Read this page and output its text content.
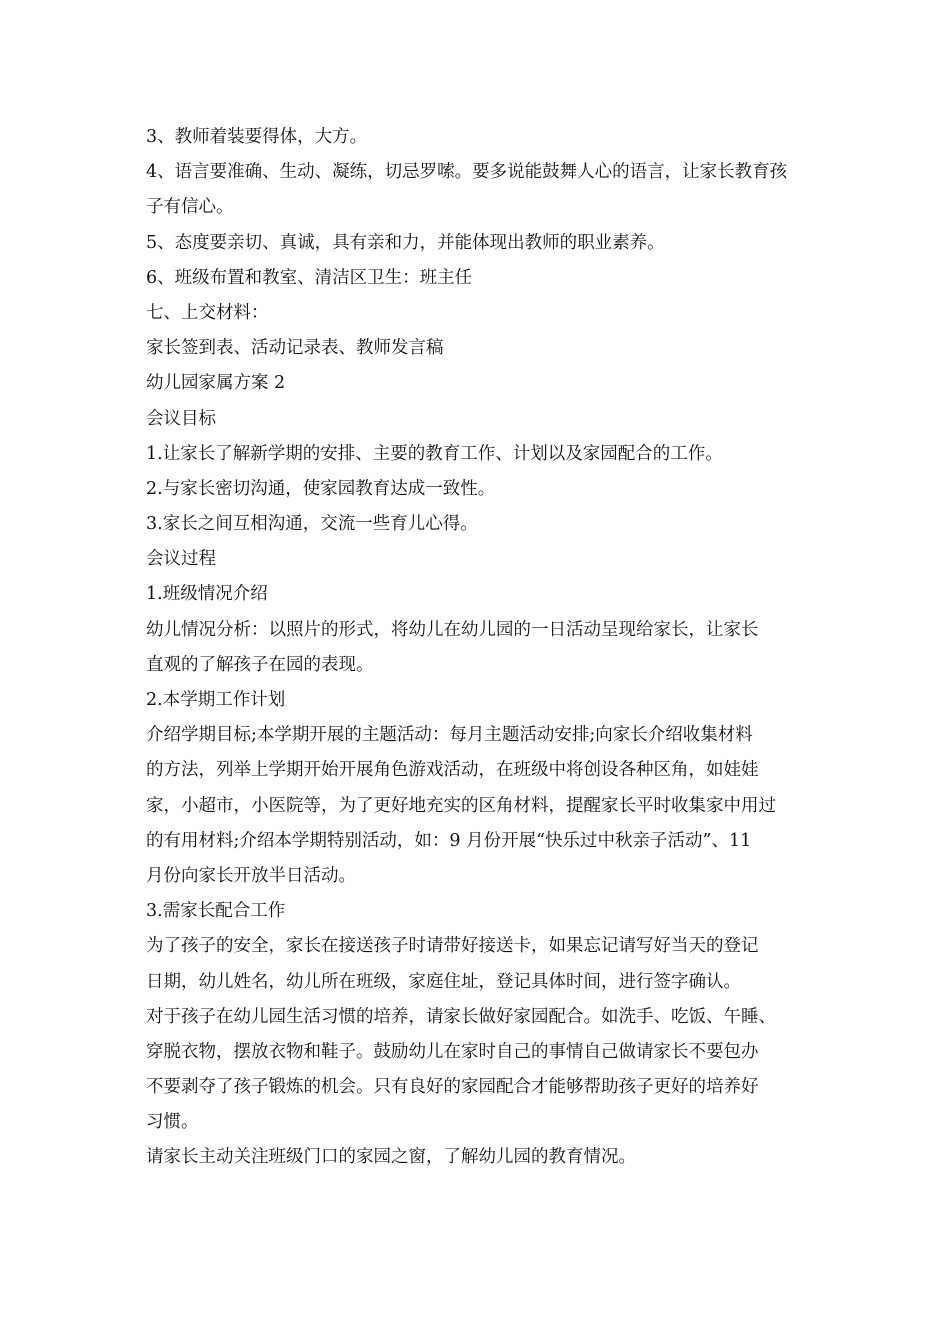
3、教师着装要得体，大方。
4、语言要准确、生动、凝练，切忌罗嗦。要多说能鼓舞人心的语言，让家长教育孩
子有信心。
5、态度要亲切、真诚，具有亲和力，并能体现出教师的职业素养。
6、班级布置和教室、清洁区卫生：班主任
七、上交材料：
家长签到表、活动记录表、教师发言稿
幼儿园家属方案 2
会议目标
1.让家长了解新学期的安排、主要的教育工作、计划以及家园配合的工作。
2.与家长密切沟通，使家园教育达成一致性。
3.家长之间互相沟通，交流一些育儿心得。
会议过程
1.班级情况介绍
幼儿情况分析：以照片的形式，将幼儿在幼儿园的一日活动呈现给家长，让家长
直观的了解孩子在园的表现。
2.本学期工作计划
介绍学期目标;本学期开展的主题活动：每月主题活动安排;向家长介绍收集材料
的方法，列举上学期开始开展角色游戏活动，在班级中将创设各种区角，如娃娃
家，小超市，小医院等，为了更好地充实的区角材料，提醒家长平时收集家中用过
的有用材料;介绍本学期特别活动，如：9 月份开展“快乐过中秋亲子活动”、11
月份向家长开放半日活动。
3.需家长配合工作
为了孩子的安全，家长在接送孩子时请带好接送卡，如果忘记请写好当天的登记
日期，幼儿姓名，幼儿所在班级，家庭住址，登记具体时间，进行签字确认。
对于孩子在幼儿园生活习惯的培养，请家长做好家园配合。如洗手、吃饭、午睡、
穿脱衣物，摆放衣物和鞋子。鼓励幼儿在家时自己的事情自己做请家长不要包办
不要剥夺了孩子锻炼的机会。只有良好的家园配合才能够帮助孩子更好的培养好
习惯。
请家长主动关注班级门口的家园之窗，了解幼儿园的教育情况。
